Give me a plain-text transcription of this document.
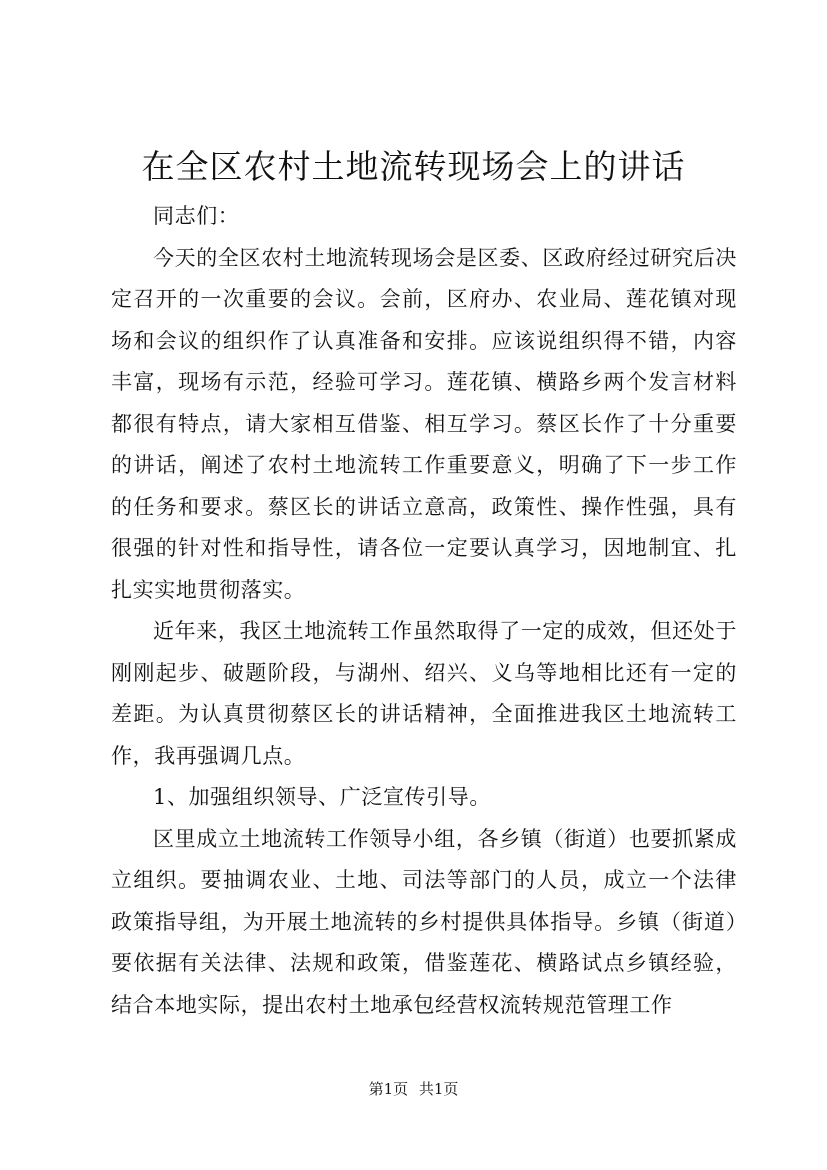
在全区农村土地流转现场会上的讲话

同志们：

今天的全区农村土地流转现场会是区委、区政府经过研究后决定召开的一次重要的会议。会前，区府办、农业局、莲花镇对现场和会议的组织作了认真准备和安排。应该说组织得不错，内容丰富，现场有示范，经验可学习。莲花镇、横路乡两个发言材料都很有特点，请大家相互借鉴、相互学习。蔡区长作了十分重要的讲话，阐述了农村土地流转工作重要意义，明确了下一步工作的任务和要求。蔡区长的讲话立意高，政策性、操作性强，具有很强的针对性和指导性，请各位一定要认真学习，因地制宜、扎扎实实地贯彻落实。

近年来，我区土地流转工作虽然取得了一定的成效，但还处于刚刚起步、破题阶段，与湖州、绍兴、义乌等地相比还有一定的差距。为认真贯彻蔡区长的讲话精神，全面推进我区土地流转工作，我再强调几点。

1、加强组织领导、广泛宣传引导。

区里成立土地流转工作领导小组，各乡镇（街道）也要抓紧成立组织。要抽调农业、土地、司法等部门的人员，成立一个法律政策指导组，为开展土地流转的乡村提供具体指导。乡镇（街道）要依据有关法律、法规和政策，借鉴莲花、横路试点乡镇经验，结合本地实际，提出农村土地承包经营权流转规范管理工作

第1页 共1页
